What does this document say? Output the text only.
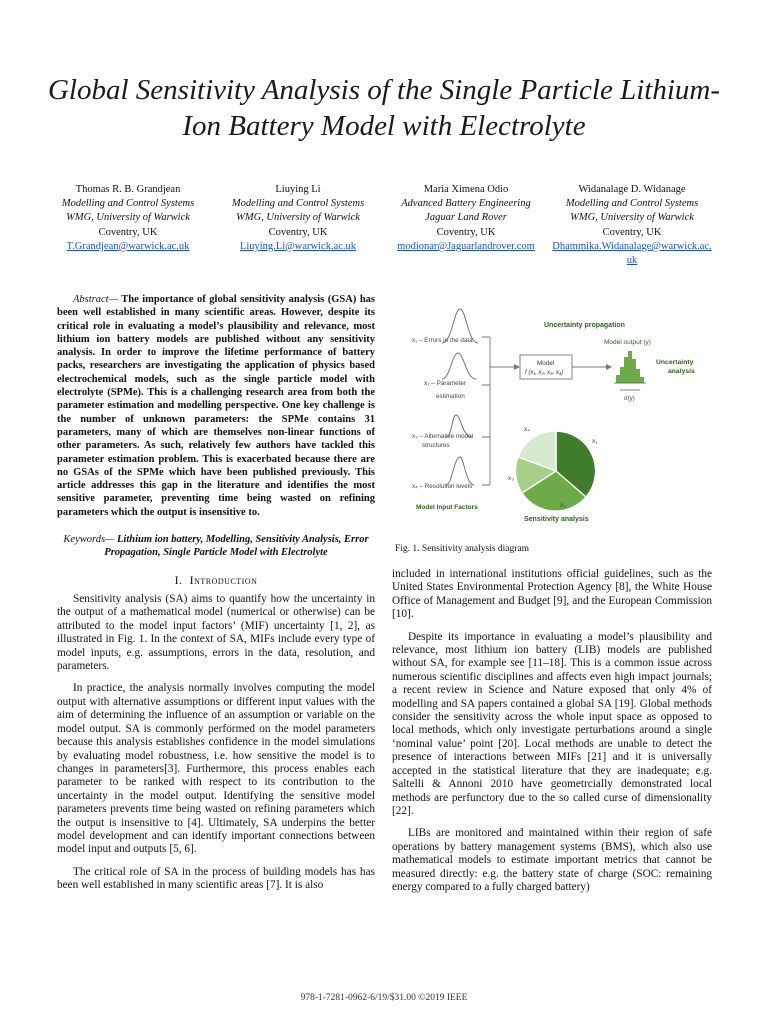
Global Sensitivity Analysis of the Single Particle Lithium-Ion Battery Model with Electrolyte
Thomas R. B. Grandjean
Modelling and Control Systems
WMG, University of Warwick
Coventry, UK
T.Grandjean@warwick.ac.uk
Liuying Li
Modelling and Control Systems
WMG, University of Warwick
Coventry, UK
Liuying.Li@warwick.ac.uk
Maria Ximena Odio
Advanced Battery Engineering
Jaguar Land Rover
Coventry, UK
modionar@Jaguarlandrover.com
Widanalage D. Widanage
Modelling and Control Systems
WMG, University of Warwick
Coventry, UK
Dhammika.Widanalage@warwick.ac.uk

Abstract— The importance of global sensitivity analysis (GSA) has been well established in many scientific areas. However, despite its critical role in evaluating a model’s plausibility and relevance, most lithium ion battery models are published without any sensitivity analysis. In order to improve the lifetime performance of battery packs, researchers are investigating the application of physics based electrochemical models, such as the single particle model with electrolyte (SPMe). This is a challenging research area from both the parameter estimation and modelling perspective. One key challenge is the number of unknown parameters: the SPMe contains 31 parameters, many of which are themselves non-linear functions of other parameters. As such, relatively few authors have tackled this parameter estimation problem. This is exacerbated because there are no GSAs of the SPMe which have been published previously. This article addresses this gap in the literature and identifies the most sensitive parameter, preventing time being wasted on refining parameters which the output is insensitive to.

Keywords— Lithium ion battery, Modelling, Sensitivity Analysis, Error Propagation, Single Particle Model with Electrolyte

I. Introduction

Sensitivity analysis (SA) aims to quantify how the uncertainty in the output of a mathematical model (numerical or otherwise) can be attributed to the model input factors’ (MIF) uncertainty [1, 2], as illustrated in Fig. 1. In the context of SA, MIFs include every type of model inputs, e.g. assumptions, errors in the data, resolution, and parameters.

In practice, the analysis normally involves computing the model output with alternative assumptions or different input values with the aim of determining the influence of an assumption or variable on the model output. SA is commonly performed on the model parameters because this analysis establishes confidence in the model simulations by evaluating model robustness, i.e. how sensitive the model is to changes in parameters[3]. Furthermore, this process enables each parameter to be ranked with respect to its contribution to the uncertainty in the model output. Identifying the sensitive model parameters prevents time being wasted on refining parameters which the output is insensitive to [4]. Ultimately, SA underpins the better model development and can identify important connections between model input and outputs [5, 6].

The critical role of SA in the process of building models has has been well established in many scientific areas [7]. It is also

x₁ – Errors in the data
x₂ – Parameter
estimation
x₃ – Alternative model
structures
x₄ – Resolution levels
Model Input Factors
Uncertainty propagation
Model output (y)
Model
f (x₁, x₂, x₃, x₄)
σ(y)
Uncertainty
analysis
x₁
x₂
x₃
x₄
Sensitivity analysis
Fig. 1. Sensitivity analysis diagram

included in international institutions official guidelines, such as the United States Environmental Protection Agency [8], the White House Office of Management and Budget [9], and the European Commission [10].

Despite its importance in evaluating a model’s plausibility and relevance, most lithium ion battery (LIB) models are published without SA, for example see [11–18]. This is a common issue across numerous scientific disciplines and affects even high impact journals; a recent review in Science and Nature exposed that only 4% of modelling and SA papers contained a global SA [19]. Global methods consider the sensitivity across the whole input space as opposed to local methods, which only investigate perturbations around a single ‘nominal value’ point [20]. Local methods are unable to detect the presence of interactions between MIFs [21] and it is universally accepted in the statistical literature that they are inadequate; e.g. Saltelli & Annoni 2010 have geometrcially demonstrated local methods are perfunctory due to the so called curse of dimensionality [22].

LIBs are monitored and maintained within their region of safe operations by battery management systems (BMS), which also use mathematical models to estimate important metrics that cannot be measured directly: e.g. the battery state of charge (SOC: remaining energy compared to a fully charged battery)

978-1-7281-0962-6/19/$31.00 ©2019 IEEE
